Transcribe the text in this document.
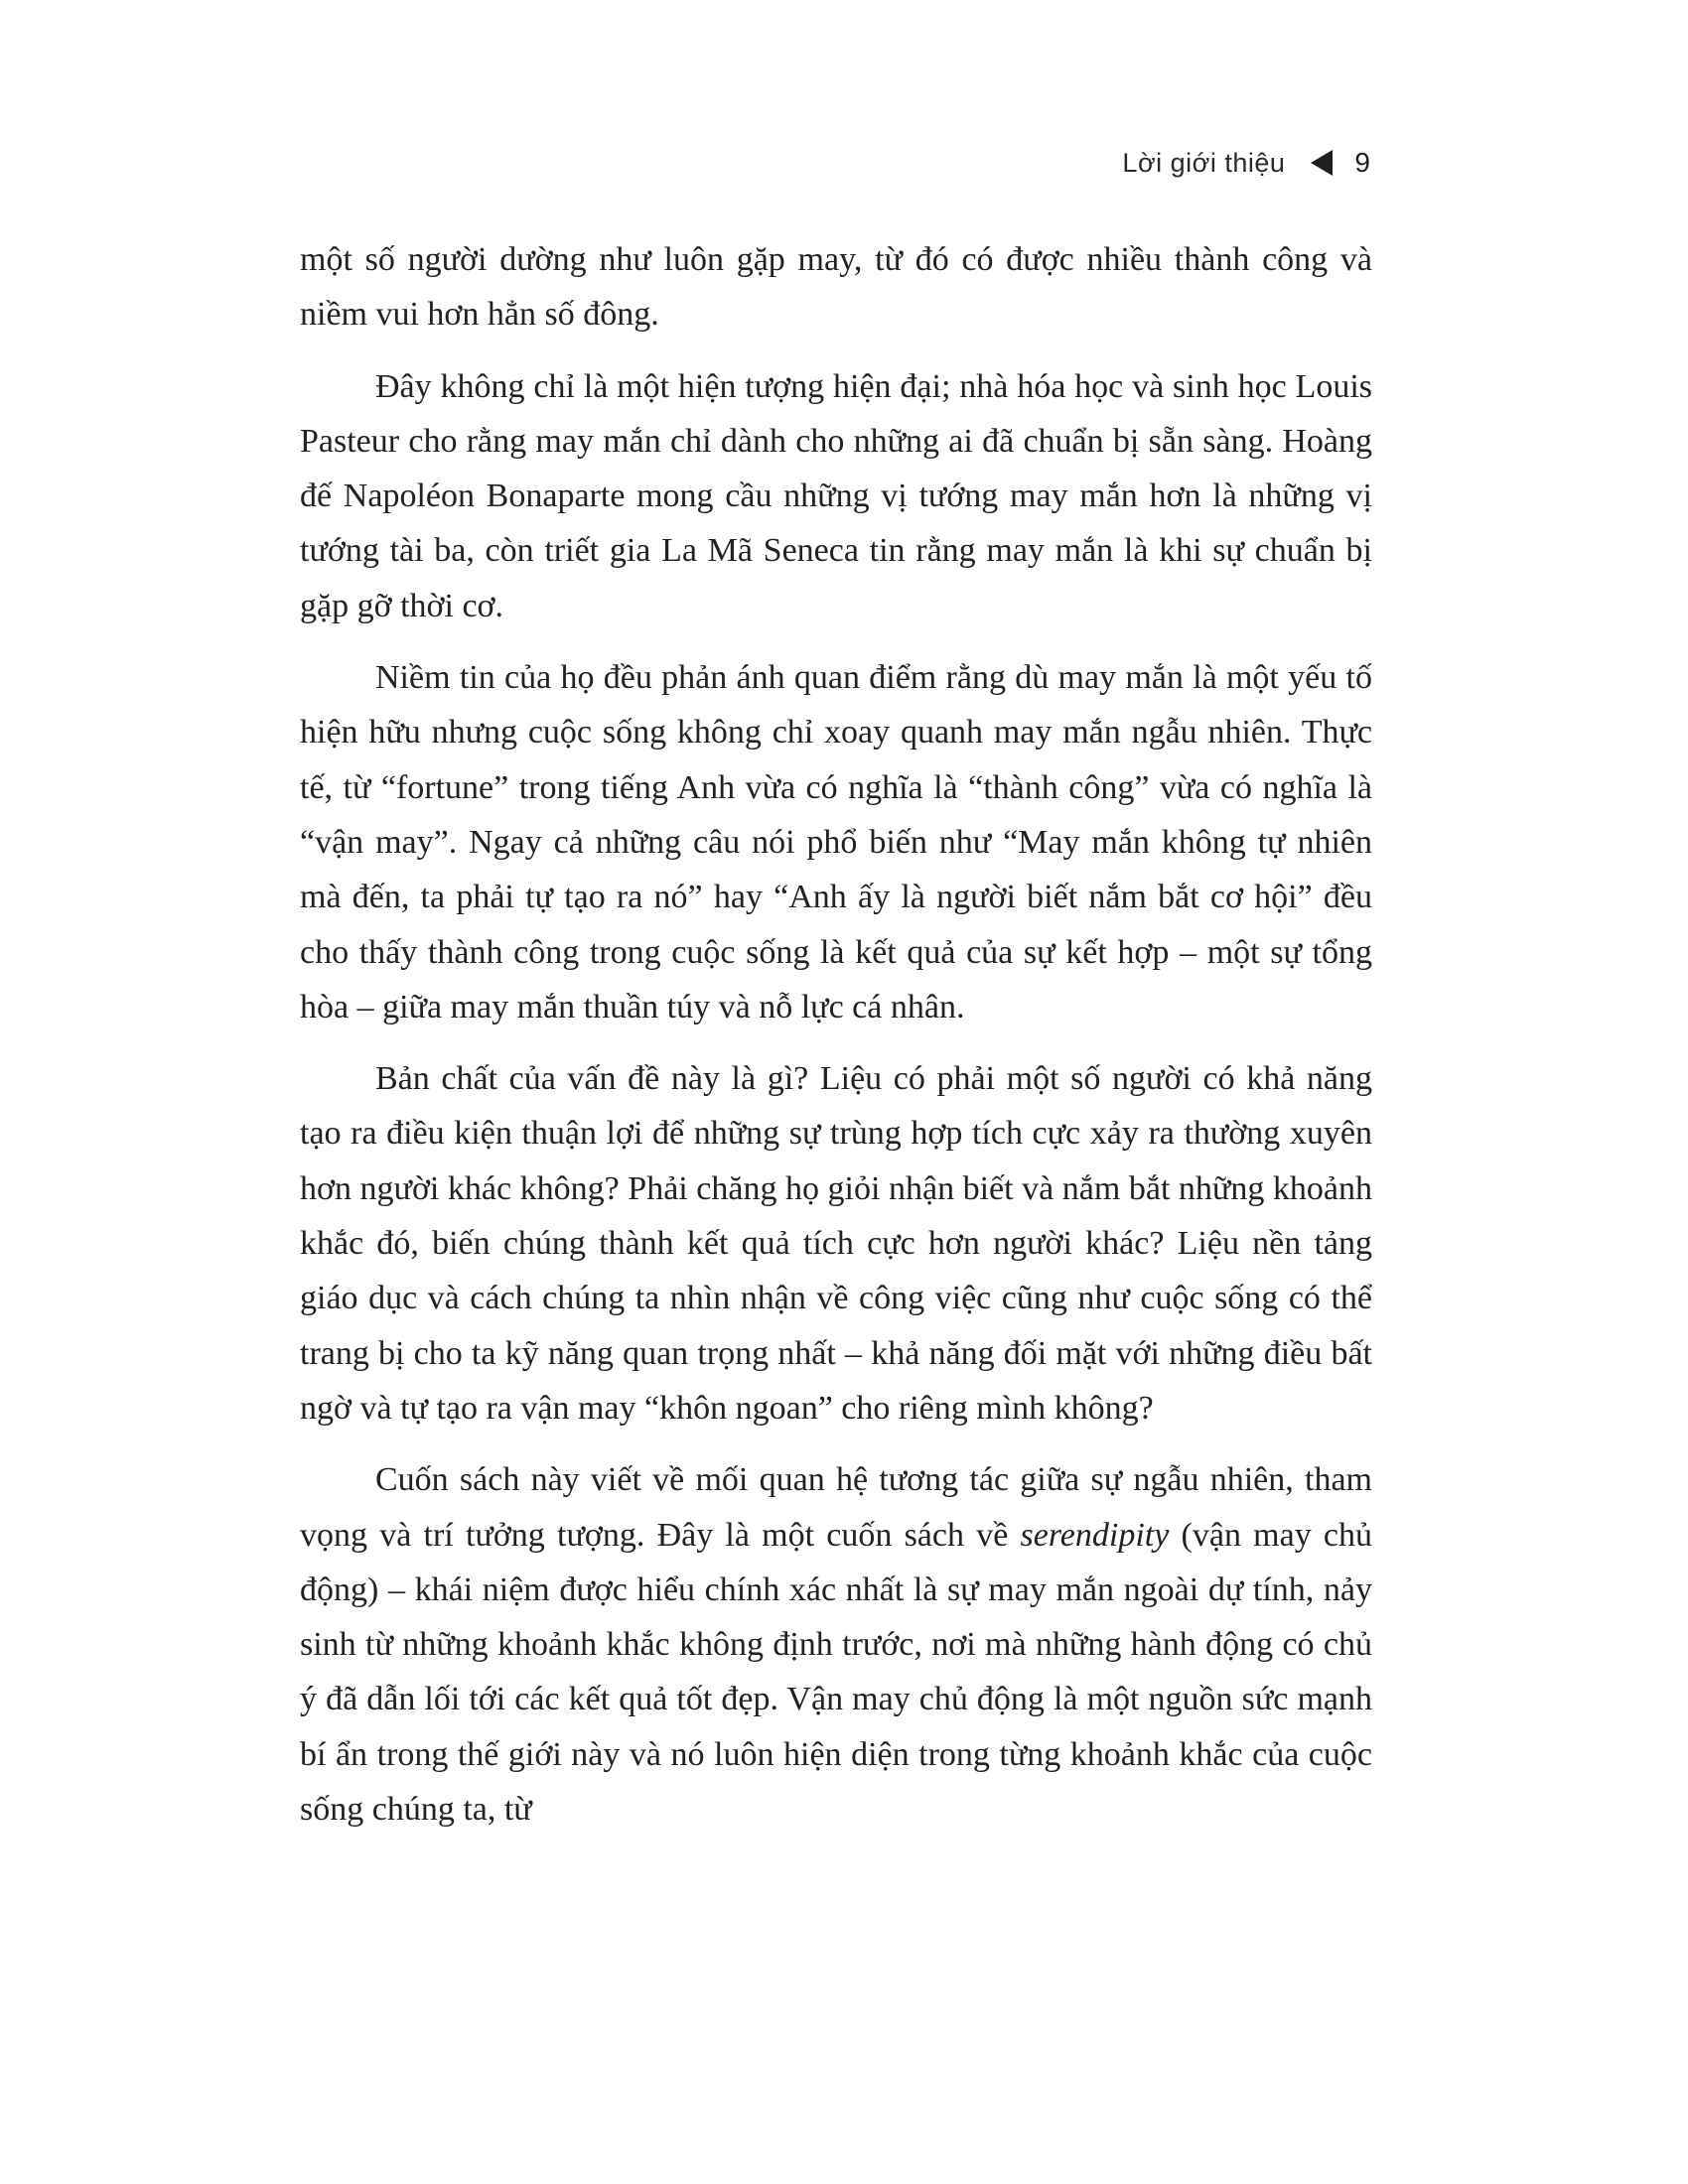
Lời giới thiệu	9

một số người dường như luôn gặp may, từ đó có được nhiều thành công và niềm vui hơn hẳn số đông.

Đây không chỉ là một hiện tượng hiện đại; nhà hóa học và sinh học Louis Pasteur cho rằng may mắn chỉ dành cho những ai đã chuẩn bị sẵn sàng. Hoàng đế Napoléon Bonaparte mong cầu những vị tướng may mắn hơn là những vị tướng tài ba, còn triết gia La Mã Seneca tin rằng may mắn là khi sự chuẩn bị gặp gỡ thời cơ.

Niềm tin của họ đều phản ánh quan điểm rằng dù may mắn là một yếu tố hiện hữu nhưng cuộc sống không chỉ xoay quanh may mắn ngẫu nhiên. Thực tế, từ “fortune” trong tiếng Anh vừa có nghĩa là “thành công” vừa có nghĩa là “vận may”. Ngay cả những câu nói phổ biến như “May mắn không tự nhiên mà đến, ta phải tự tạo ra nó” hay “Anh ấy là người biết nắm bắt cơ hội” đều cho thấy thành công trong cuộc sống là kết quả của sự kết hợp – một sự tổng hòa – giữa may mắn thuần túy và nỗ lực cá nhân.

Bản chất của vấn đề này là gì? Liệu có phải một số người có khả năng tạo ra điều kiện thuận lợi để những sự trùng hợp tích cực xảy ra thường xuyên hơn người khác không? Phải chăng họ giỏi nhận biết và nắm bắt những khoảnh khắc đó, biến chúng thành kết quả tích cực hơn người khác? Liệu nền tảng giáo dục và cách chúng ta nhìn nhận về công việc cũng như cuộc sống có thể trang bị cho ta kỹ năng quan trọng nhất – khả năng đối mặt với những điều bất ngờ và tự tạo ra vận may “khôn ngoan” cho riêng mình không?

Cuốn sách này viết về mối quan hệ tương tác giữa sự ngẫu nhiên, tham vọng và trí tưởng tượng. Đây là một cuốn sách về serendipity (vận may chủ động) – khái niệm được hiểu chính xác nhất là sự may mắn ngoài dự tính, nảy sinh từ những khoảnh khắc không định trước, nơi mà những hành động có chủ ý đã dẫn lối tới các kết quả tốt đẹp. Vận may chủ động là một nguồn sức mạnh bí ẩn trong thế giới này và nó luôn hiện diện trong từng khoảnh khắc của cuộc sống chúng ta, từ
